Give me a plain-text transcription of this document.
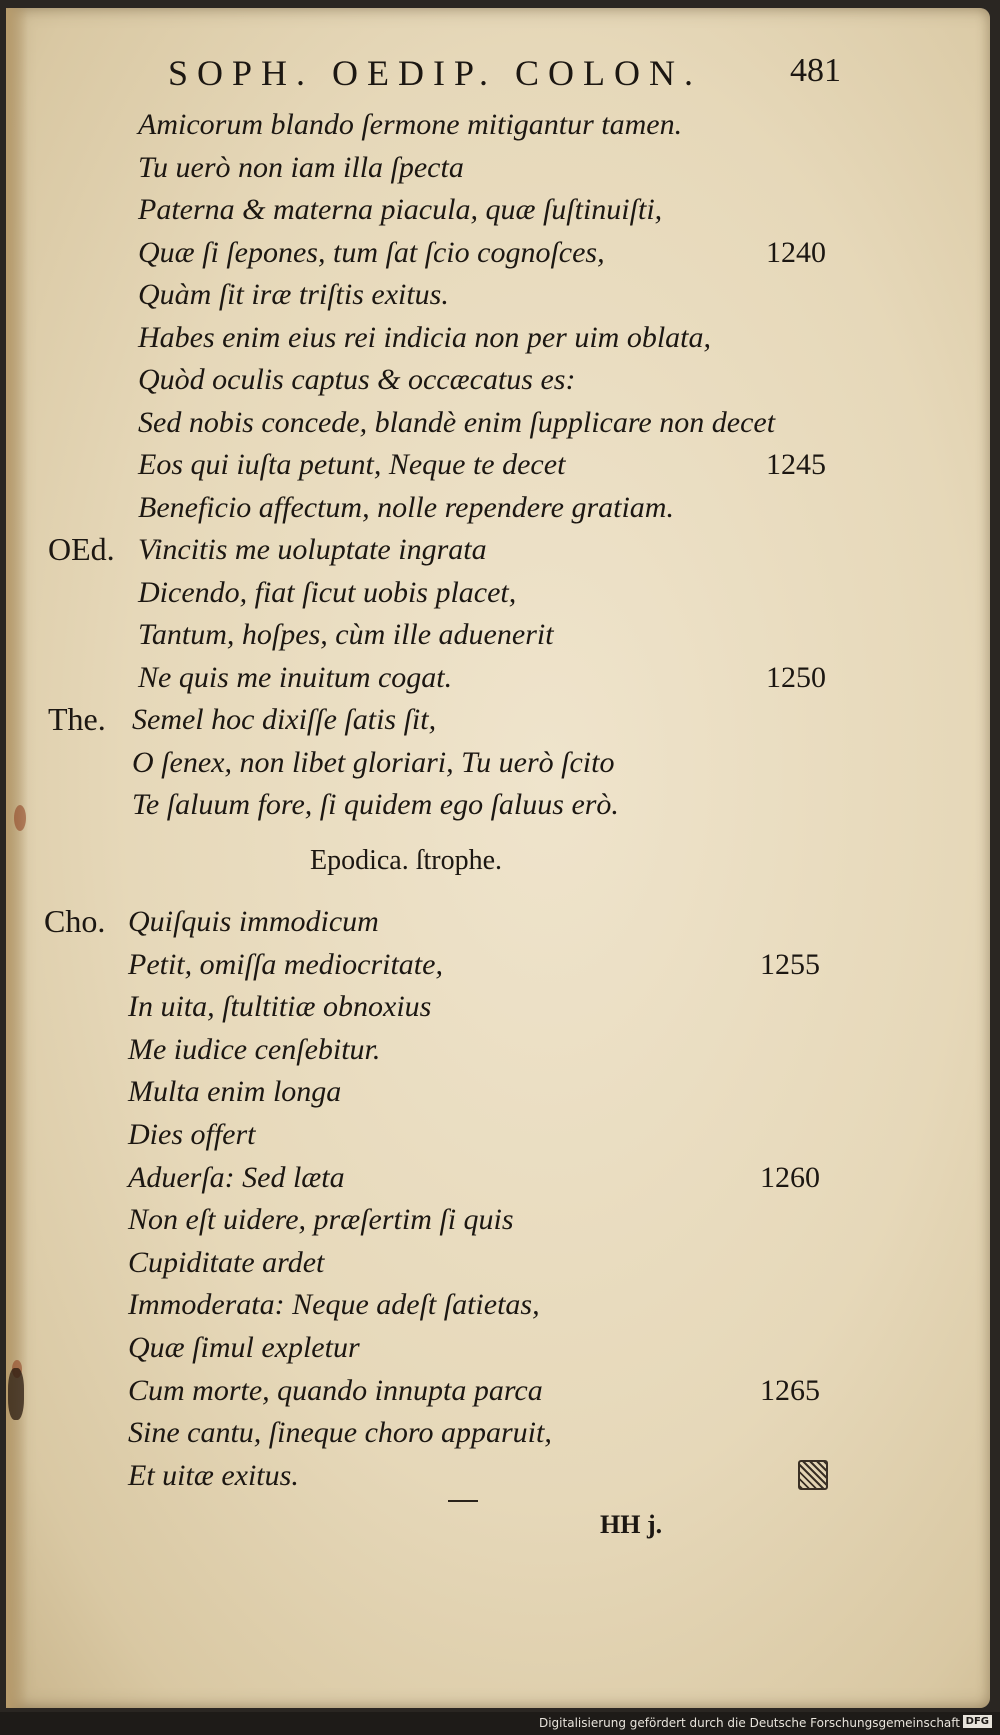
SOPH. OEDIP. COLON.	481
Amicorum blando ſermone mitigantur tamen.
Tu uerò non iam illa ſpecta
Paterna & materna piacula, quæ ſuſtinuiſti,
Quæ ſi ſepones, tum ſat ſcio cognoſces,	1240
Quàm ſit iræ triſtis exitus.
Habes enim eius rei indicia non per uim oblata,
Quòd oculis captus & occæcatus es:
Sed nobis concede, blandè enim ſupplicare non decet
Eos qui iuſta petunt, Neque te decet	1245
Beneficio affectum, nolle rependere gratiam.
OEd. Vincitis me uoluptate ingrata
Dicendo, fiat ſicut uobis placet,
Tantum, hoſpes, cùm ille aduenerit
Ne quis me inuitum cogat.	1250
The. Semel hoc dixiſſe ſatis ſit,
O ſenex, non libet gloriari, Tu uerò ſcito
Te ſaluum fore, ſi quidem ego ſaluus erò.
Epodica. ſtrophe.
Cho. Quiſquis immodicum
Petit, omiſſa mediocritate,	1255
In uita, ſtultitiæ obnoxius
Me iudice cenſebitur.
Multa enim longa
Dies offert
Aduerſa: Sed læta	1260
Non eſt uidere, præſertim ſi quis
Cupiditate ardet
Immoderata: Neque adeſt ſatietas,
Quæ ſimul expletur
Cum morte, quando innupta parca	1265
Sine cantu, ſineque choro apparuit,
Et uitæ exitus.
HH j.
Digitalisierung gefördert durch die Deutsche Forschungsgemeinschaft DFG
